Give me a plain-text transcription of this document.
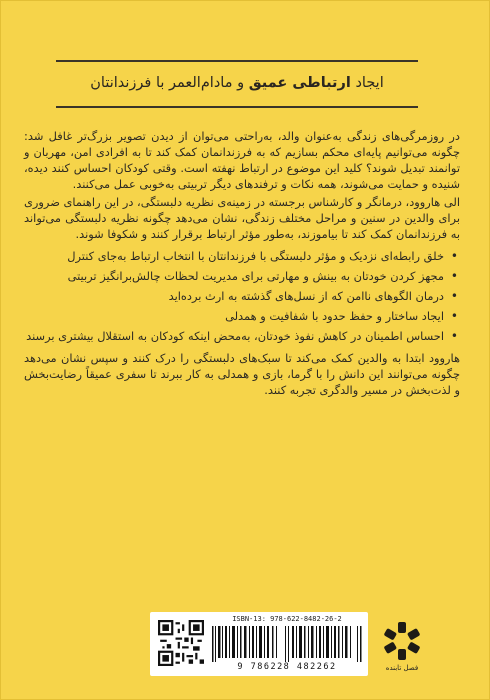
ایجاد ارتباطی عمیق و مادام‌العمر با فرزندانتان

در روزمرگی‌های زندگی به‌عنوان والد، به‌راحتی می‌توان از دیدن تصویر بزرگ‌تر غافل شد: چگونه می‌توانیم پایه‌ای محکم بسازیم که به فرزندانمان کمک کند تا به افرادی امن، مهربان و توانمند تبدیل شوند؟ کلید این موضوع در ارتباط نهفته است. وقتی کودکان احساس کنند دیده، شنیده و حمایت می‌شوند، همه نکات و ترفندهای دیگر تربیتی به‌خوبی عمل می‌کنند.

الی هاروود، درمانگر و کارشناس برجسته در زمینه‌ی نظریه دلبستگی، در این راهنمای ضروری برای والدین در سنین و مراحل مختلف زندگی، نشان می‌دهد چگونه نظریه دلبستگی می‌تواند به فرزندانمان کمک کند تا بیاموزند، به‌طور مؤثر ارتباط برقرار کنند و شکوفا شوند.

• خلق رابطه‌ای نزدیک و مؤثر دلبستگی با فرزندانتان با انتخاب ارتباط به‌جای کنترل
• مجهز کردن خودتان به بینش و مهارتی برای مدیریت لحظات چالش‌برانگیز تربیتی
• درمان الگوهای ناامن که از نسل‌های گذشته به ارث برده‌اید
• ایجاد ساختار و حفظ حدود با شفافیت و همدلی
• احساس اطمینان در کاهش نفوذ خودتان، به‌محض اینکه کودکان به استقلال بیشتری برسند

هاروود ابتدا به والدین کمک می‌کند تا سبک‌های دلبستگی را درک کنند و سپس نشان می‌دهد چگونه می‌توانند این دانش را با گرما، بازی و همدلی به کار ببرند تا سفری عمیقاً رضایت‌بخش و لذت‌بخش در مسیر والدگری تجربه کنند.

ISBN-13: 978-622-8482-26-2
9 786228 482262	فصل تابنده
